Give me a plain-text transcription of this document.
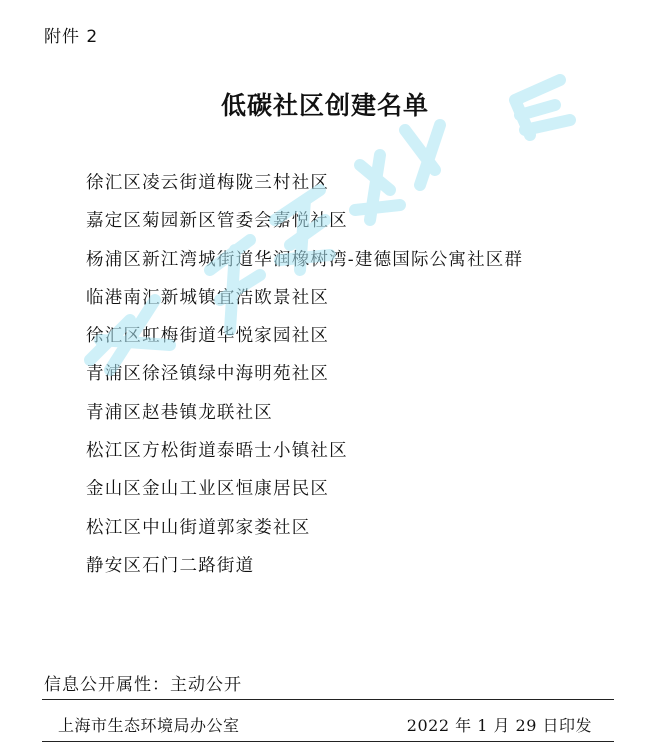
附件 2
低碳社区创建名单
徐汇区凌云街道梅陇三村社区
嘉定区菊园新区管委会嘉悦社区
杨浦区新江湾城街道华润橡树湾-建德国际公寓社区群
临港南汇新城镇宜浩欧景社区
徐汇区虹梅街道华悦家园社区
青浦区徐泾镇绿中海明苑社区
青浦区赵巷镇龙联社区
松江区方松街道泰晤士小镇社区
金山区金山工业区恒康居民区
松江区中山街道郭家娄社区
静安区石门二路街道
信息公开属性：主动公开
上海市生态环境局办公室	2022 年 1 月 29 日印发
